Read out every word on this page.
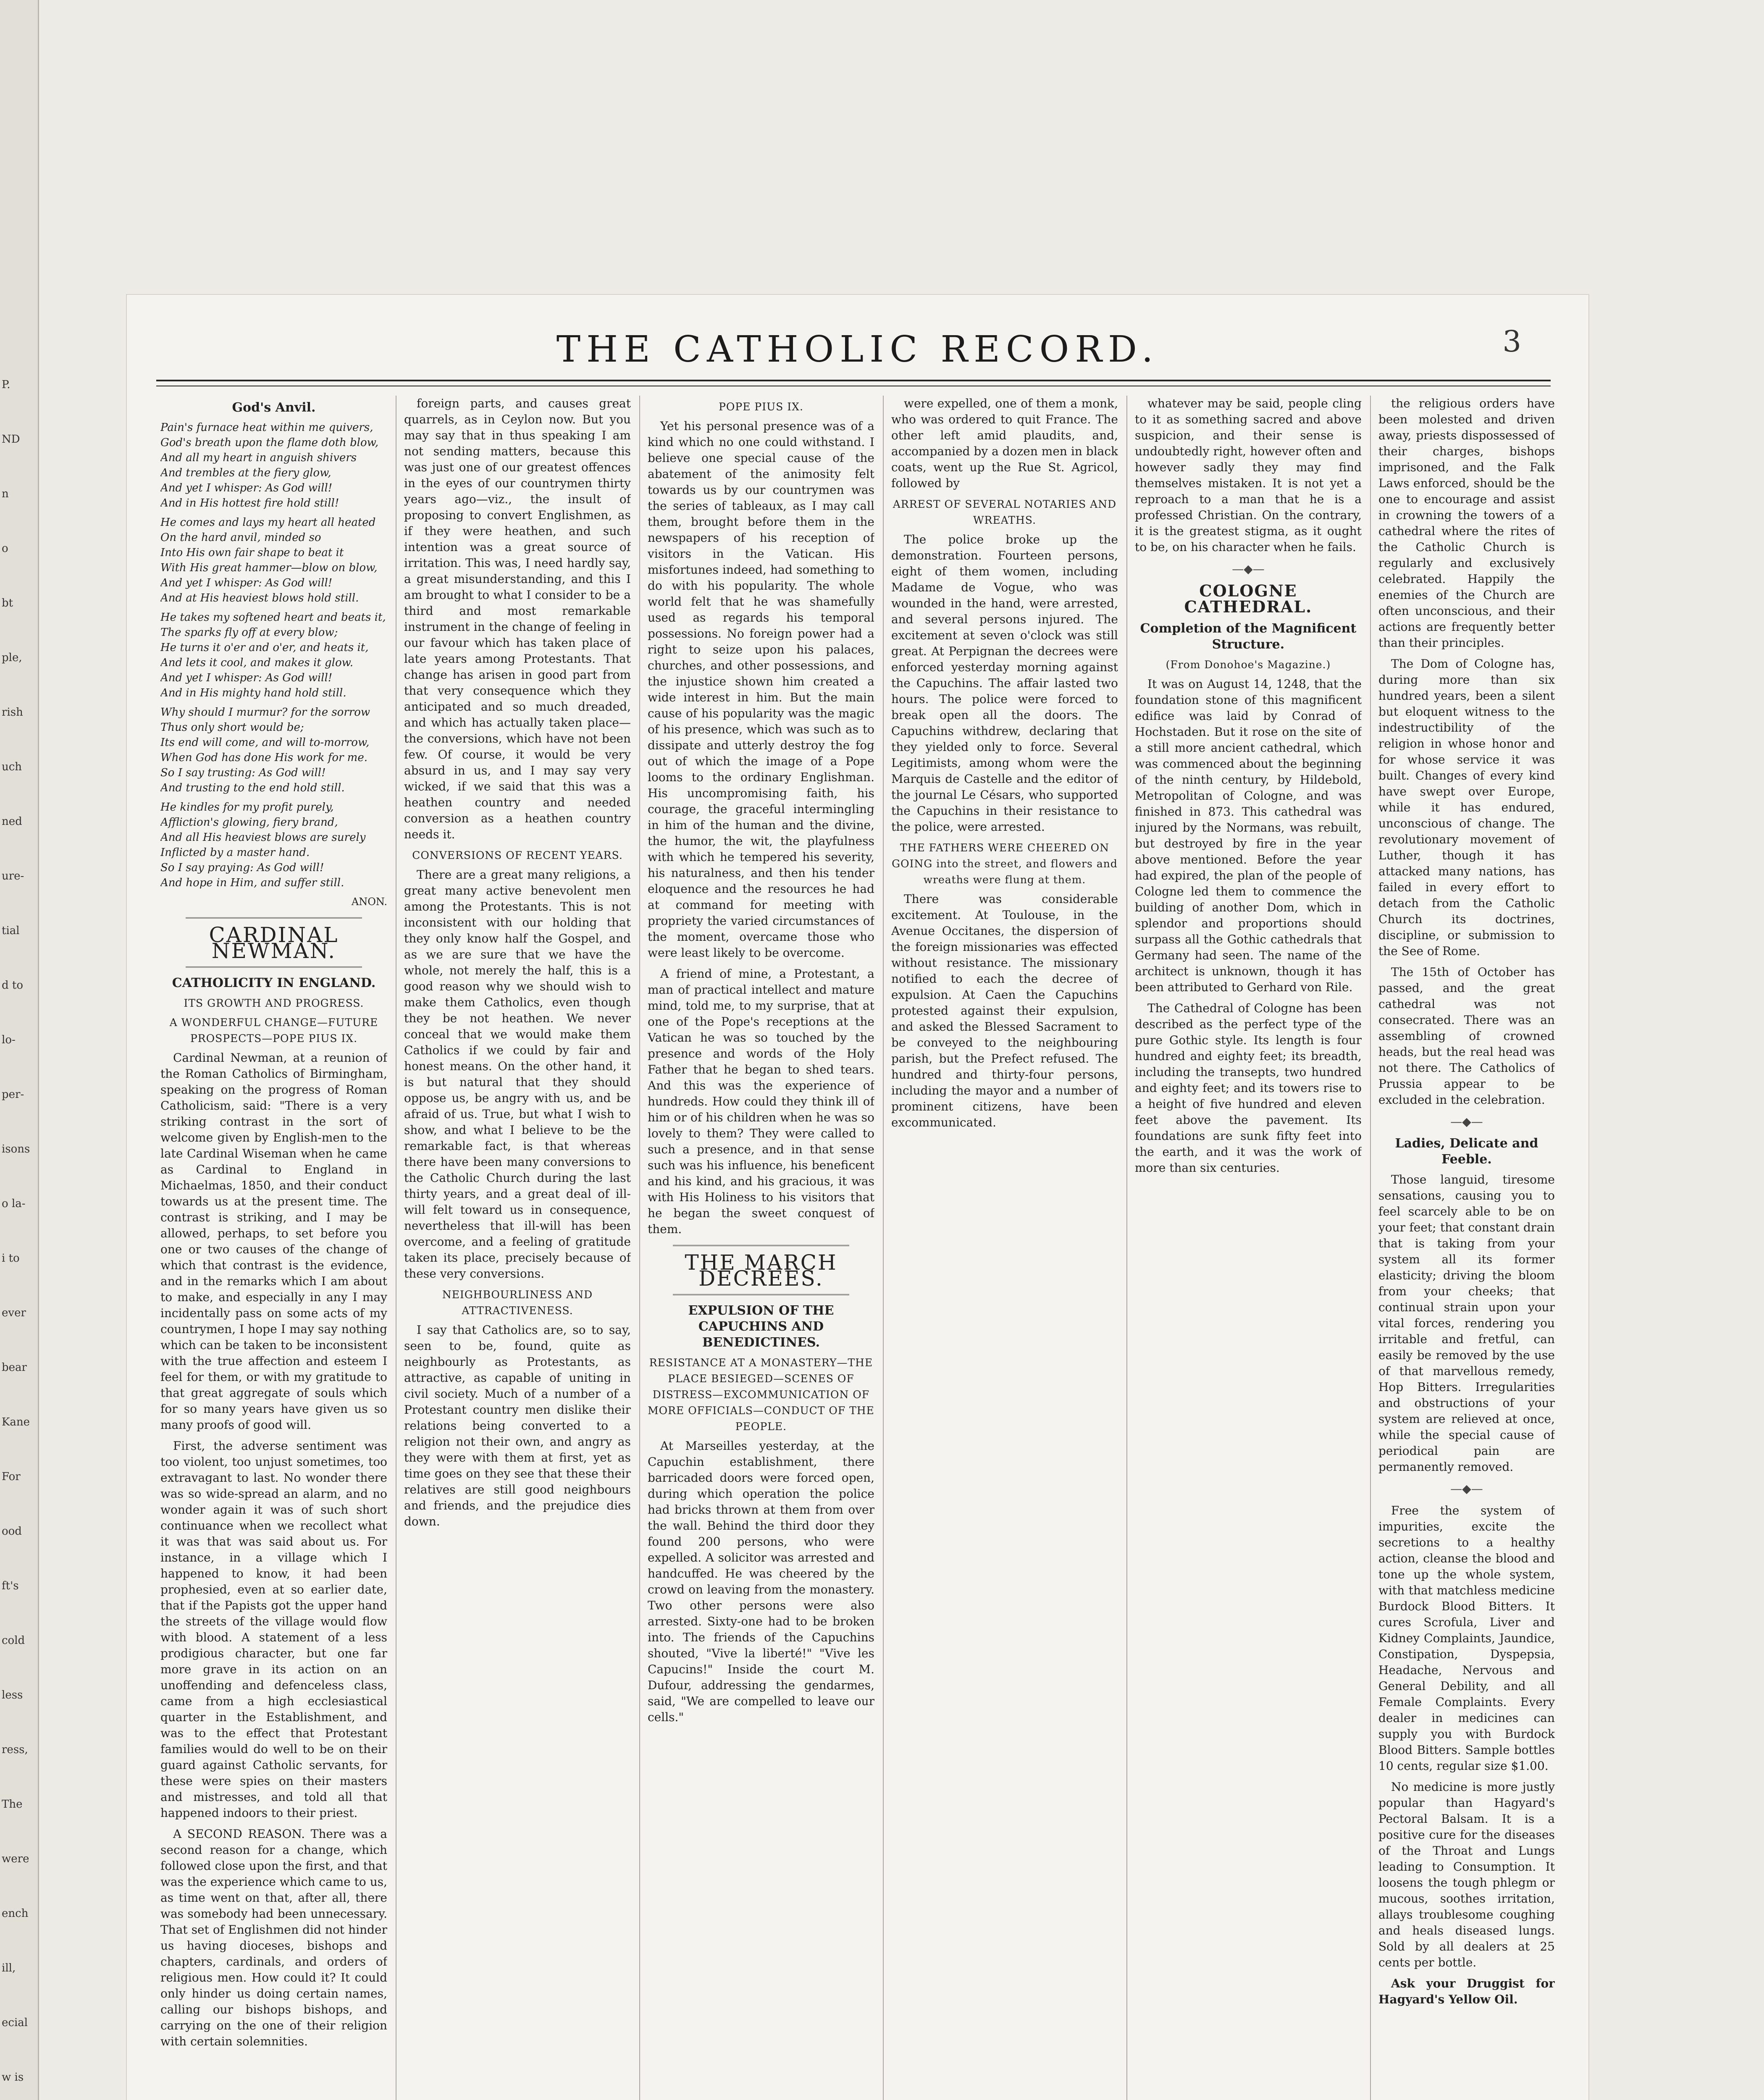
P.
ND
n
o
bt
ple,
rish
uch
ned
ure-
tial
d to
lo-
per-
isons
o la-
i to
ever
bear
Kane
For
ood
ft's
cold
less
ress,
The
were
ench
ill,
ecial
w is
THE CATHOLIC RECORD.	3
God's Anvil.
Pain's furnace heat within me quivers,
God's breath upon the flame doth blow,
And all my heart in anguish shivers
And trembles at the fiery glow,
And yet I whisper: As God will!
And in His hottest fire hold still!
He comes and lays my heart all heated
On the hard anvil, minded so
Into His own fair shape to beat it
With His great hammer—blow on blow,
And yet I whisper: As God will!
And at His heaviest blows hold still.
He takes my softened heart and beats it,
The sparks fly off at every blow;
He turns it o'er and o'er, and heats it,
And lets it cool, and makes it glow.
And yet I whisper: As God will!
And in His mighty hand hold still.
Why should I murmur? for the sorrow
Thus only short would be;
Its end will come, and will to-morrow,
When God has done His work for me.
So I say trusting: As God will!
And trusting to the end hold still.
He kindles for my profit purely,
Affliction's glowing, fiery brand,
And all His heaviest blows are surely
Inflicted by a master hand.
So I say praying: As God will!
And hope in Him, and suffer still.
ANON.
CARDINAL NEWMAN.
CATHOLICITY IN ENGLAND.
ITS GROWTH AND PROGRESS.
A WONDERFUL CHANGE—FUTURE PROSPECTS—POPE PIUS IX.

Cardinal Newman, at a reunion of the Roman Catholics of Birmingham, speaking on the progress of Roman Catholicism, said: "There is a very striking contrast in the sort of welcome given by English-men to the late Cardinal Wiseman when he came as Cardinal to England in Michaelmas, 1850, and their conduct towards us at the present time. The contrast is striking, and I may be allowed, perhaps, to set before you one or two causes of the change of which that contrast is the evidence, and in the remarks which I am about to make, and especially in any I may incidentally pass on some acts of my countrymen, I hope I may say nothing which can be taken to be inconsistent with the true affection and esteem I feel for them, or with my gratitude to that great aggregate of souls which for so many years have given us so many proofs of good will.

First, the adverse sentiment was too violent, too unjust sometimes, too extravagant to last. No wonder there was so wide-spread an alarm, and no wonder again it was of such short continuance when we recollect what it was that was said about us. For instance, in a village which I happened to know, it had been prophesied, even at so earlier date, that if the Papists got the upper hand the streets of the village would flow with blood. A statement of a less prodigious character, but one far more grave in its action on an unoffending and defenceless class, came from a high ecclesiastical quarter in the Establishment, and was to the effect that Protestant families would do well to be on their guard against Catholic servants, for these were spies on their masters and mistresses, and told all that happened indoors to their priest.

A SECOND REASON. There was a second reason for a change, which followed close upon the first, and that was the experience which came to us, as time went on that, after all, there was somebody had been unnecessary. That set of Englishmen did not hinder us having dioceses, bishops and chapters, cardinals, and orders of religious men. How could it? It could only hinder us doing certain names, calling our bishops bishops, and carrying on the one of their religion with certain solemnities.

foreign parts, and causes great quarrels, as in Ceylon now. But you may say that in thus speaking I am not sending matters, because this was just one of our greatest offences in the eyes of our countrymen thirty years ago—viz., the insult of proposing to convert Englishmen, as if they were heathen, and such intention was a great source of irritation. This was, I need hardly say, a great misunderstanding, and this I am brought to what I consider to be a third and most remarkable instrument in the change of feeling in our favour which has taken place of late years among Protestants. That change has arisen in good part from that very consequence which they anticipated and so much dreaded, and which has actually taken place—the conversions, which have not been few. Of course, it would be very absurd in us, and I may say very wicked, if we said that this was a heathen country and needed conversion as a heathen country needs it.

CONVERSIONS OF RECENT YEARS.

There are a great many religions, a great many active benevolent men among the Protestants. This is not inconsistent with our holding that they only know half the Gospel, and as we are sure that we have the whole, not merely the half, this is a good reason why we should wish to make them Catholics, even though they be not heathen. We never conceal that we would make them Catholics if we could by fair and honest means. On the other hand, it is but natural that they should oppose us, be angry with us, and be afraid of us. True, but what I wish to show, and what I believe to be the remarkable fact, is that whereas there have been many conversions to the Catholic Church during the last thirty years, and a great deal of ill-will felt toward us in consequence, nevertheless that ill-will has been overcome, and a feeling of gratitude taken its place, precisely because of these very conversions.

NEIGHBOURLINESS AND ATTRACTIVENESS.

I say that Catholics are, so to say, seen to be, found, quite as neighbourly as Protestants, as attractive, as capable of uniting in civil society. Much of a number of a Protestant country men dislike their relations being converted to a religion not their own, and angry as they were with them at first, yet as time goes on they see that these their relatives are still good neighbours and friends, and the prejudice dies down.

POPE PIUS IX.

Yet his personal presence was of a kind which no one could withstand. I believe one special cause of the abatement of the animosity felt towards us by our countrymen was the series of tableaux, as I may call them, brought before them in the newspapers of his reception of visitors in the Vatican. His misfortunes indeed, had something to do with his popularity. The whole world felt that he was shamefully used as regards his temporal possessions. No foreign power had a right to seize upon his palaces, churches, and other possessions, and the injustice shown him created a wide interest in him. But the main cause of his popularity was the magic of his presence, which was such as to dissipate and utterly destroy the fog out of which the image of a Pope looms to the ordinary Englishman. His uncompromising faith, his courage, the graceful intermingling in him of the human and the divine, the humor, the wit, the playfulness with which he tempered his severity, his naturalness, and then his tender eloquence and the resources he had at command for meeting with propriety the varied circumstances of the moment, overcame those who were least likely to be overcome.

A friend of mine, a Protestant, a man of practical intellect and mature mind, told me, to my surprise, that at one of the Pope's receptions at the Vatican he was so touched by the presence and words of the Holy Father that he began to shed tears. And this was the experience of hundreds. How could they think ill of him or of his children when he was so lovely to them? They were called to such a presence, and in that sense such was his influence, his beneficent and his kind, and his gracious, it was with His Holiness to his visitors that he began the sweet conquest of them.

THE MARCH DECREES.
EXPULSION OF THE CAPUCHINS AND BENEDICTINES.
RESISTANCE AT A MONASTERY—THE PLACE BESIEGED—SCENES OF DISTRESS—EXCOMMUNICATION OF MORE OFFICIALS—CONDUCT OF THE PEOPLE.

At Marseilles yesterday, at the Capuchin establishment, there barricaded doors were forced open, during which operation the police had bricks thrown at them from over the wall. Behind the third door they found 200 persons, who were expelled. A solicitor was arrested and handcuffed. He was cheered by the crowd on leaving from the monastery. Two other persons were also arrested. Sixty-one had to be broken into. The friends of the Capuchins shouted, "Vive la liberté!" "Vive les Capucins!" Inside the court M. Dufour, addressing the gendarmes, said, "We are compelled to leave our cells."

were expelled, one of them a monk, who was ordered to quit France. The other left amid plaudits, and, accompanied by a dozen men in black coats, went up the Rue St. Agricol, followed by

ARREST OF SEVERAL NOTARIES AND WREATHS.

The police broke up the demonstration. Fourteen persons, eight of them women, including Madame de Vogue, who was wounded in the hand, were arrested, and several persons injured. The excitement at seven o'clock was still great. At Perpignan the decrees were enforced yesterday morning against the Capuchins. The affair lasted two hours. The police were forced to break open all the doors. The Capuchins withdrew, declaring that they yielded only to force. Several Legitimists, among whom were the Marquis de Castelle and the editor of the journal Le Césars, who supported the Capuchins in their resistance to the police, were arrested.

THE FATHERS WERE CHEERED ON GOING into the street, and flowers and wreaths were flung at them.

There was considerable excitement. At Toulouse, in the Avenue Occitanes, the dispersion of the foreign missionaries was effected without resistance. The missionary notified to each the decree of expulsion. At Caen the Capuchins protested against their expulsion, and asked the Blessed Sacrament to be conveyed to the neighbouring parish, but the Prefect refused. The hundred and thirty-four persons, including the mayor and a number of prominent citizens, have been excommunicated.

whatever may be said, people cling to it as something sacred and above suspicion, and their sense is undoubtedly right, however often and however sadly they may find themselves mistaken. It is not yet a reproach to a man that he is a professed Christian. On the contrary, it is the greatest stigma, as it ought to be, on his character when he fails.

—◆—
COLOGNE CATHEDRAL.
Completion of the Magnificent Structure.
(From Donohoe's Magazine.)

It was on August 14, 1248, that the foundation stone of this magnificent edifice was laid by Conrad of Hochstaden. But it rose on the site of a still more ancient cathedral, which was commenced about the beginning of the ninth century, by Hildebold, Metropolitan of Cologne, and was finished in 873. This cathedral was injured by the Normans, was rebuilt, but destroyed by fire in the year above mentioned. Before the year had expired, the plan of the people of Cologne led them to commence the building of another Dom, which in splendor and proportions should surpass all the Gothic cathedrals that Germany had seen. The name of the architect is unknown, though it has been attributed to Gerhard von Rile.

The Cathedral of Cologne has been described as the perfect type of the pure Gothic style. Its length is four hundred and eighty feet; its breadth, including the transepts, two hundred and eighty feet; and its towers rise to a height of five hundred and eleven feet above the pavement. Its foundations are sunk fifty feet into the earth, and it was the work of more than six centuries.

the religious orders have been molested and driven away, priests dispossessed of their charges, bishops imprisoned, and the Falk Laws enforced, should be the one to encourage and assist in crowning the towers of a cathedral where the rites of the Catholic Church is regularly and exclusively celebrated. Happily the enemies of the Church are often unconscious, and their actions are frequently better than their principles.

The Dom of Cologne has, during more than six hundred years, been a silent but eloquent witness to the indestructibility of the religion in whose honor and for whose service it was built. Changes of every kind have swept over Europe, while it has endured, unconscious of change. The revolutionary movement of Luther, though it has attacked many nations, has failed in every effort to detach from the Catholic Church its doctrines, discipline, or submission to the See of Rome.

The 15th of October has passed, and the great cathedral was not consecrated. There was an assembling of crowned heads, but the real head was not there. The Catholics of Prussia appear to be excluded in the celebration.

—◆—
Ladies, Delicate and Feeble.

Those languid, tiresome sensations, causing you to feel scarcely able to be on your feet; that constant drain that is taking from your system all its former elasticity; driving the bloom from your cheeks; that continual strain upon your vital forces, rendering you irritable and fretful, can easily be removed by the use of that marvellous remedy, Hop Bitters. Irregularities and obstructions of your system are relieved at once, while the special cause of periodical pain are permanently removed.

—◆—

Free the system of impurities, excite the secretions to a healthy action, cleanse the blood and tone up the whole system, with that matchless medicine Burdock Blood Bitters. It cures Scrofula, Liver and Kidney Complaints, Jaundice, Constipation, Dyspepsia, Headache, Nervous and General Debility, and all Female Complaints. Every dealer in medicines can supply you with Burdock Blood Bitters. Sample bottles 10 cents, regular size $1.00.

No medicine is more justly popular than Hagyard's Pectoral Balsam. It is a positive cure for the diseases of the Throat and Lungs leading to Consumption. It loosens the tough phlegm or mucous, soothes irritation, allays troublesome coughing and heals diseased lungs. Sold by all dealers at 25 cents per bottle.

Ask your Druggist for Hagyard's Yellow Oil.
